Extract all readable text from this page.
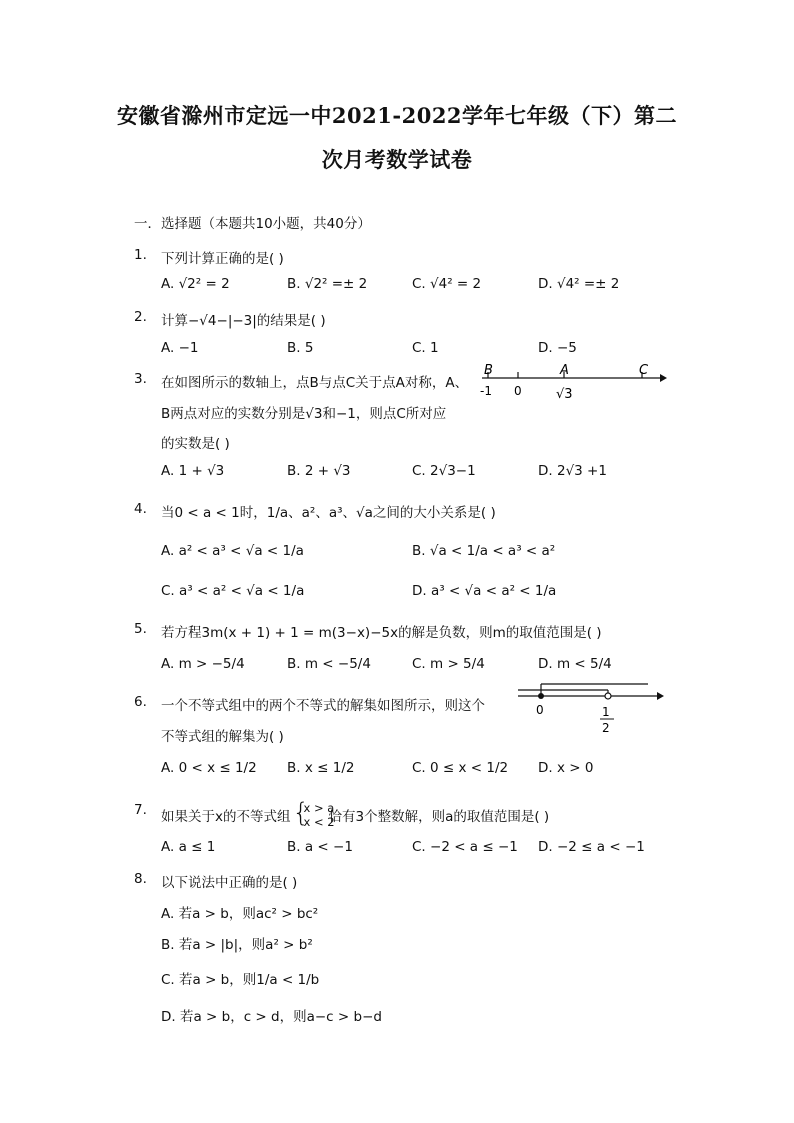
安徽省滁州市定远一中2021-2022学年七年级（下）第二
次月考数学试卷
一．选择题（本题共10小题，共40分）
1. 下列计算正确的是( )
A. √2² = 2	B. √2² =± 2	C. √4² = 2	D. √4² =± 2
2. 计算−√4−|−3|的结果是( )
A. −1	B. 5	C. 1	D. −5
3. 在如图所示的数轴上，点B与点C关于点A对称，A、
B两点对应的实数分别是√3和−1，则点C所对应
的实数是( )
B	A	C
-1 0	√3
A. 1 + √3	B. 2 + √3	C. 2√3−1	D. 2√3 +1
4. 当0 < a < 1时，1/a、a²、a³、√a之间的大小关系是( )
A. a² < a³ < √a < 1/a	B. √a < 1/a < a³ < a²
C. a³ < a² < √a < 1/a	D. a³ < √a < a² < 1/a
5. 若方程3m(x + 1) + 1 = m(3−x)−5x的解是负数，则m的取值范围是( )
A. m > −5/4	B. m < −5/4	C. m > 5/4	D. m < 5/4
6. 一个不等式组中的两个不等式的解集如图所示，则这个
不等式组的解集为( )
0	1
2
A. 0 < x ≤ 1/2 B. x ≤ 1/2	C. 0 ≤ x < 1/2 D. x > 0
7. 如果关于x的不等式组 {
x > a
x < 2
恰有3个整数解，则a的取值范围是( )
A. a ≤ 1	B. a < −1	C. −2 < a ≤ −1 D. −2 ≤ a < −1
8. 以下说法中正确的是( )
A. 若a > b，则ac² > bc²
B. 若a > |b|，则a² > b²
C. 若a > b，则1/a < 1/b
D. 若a > b，c > d，则a−c > b−d
